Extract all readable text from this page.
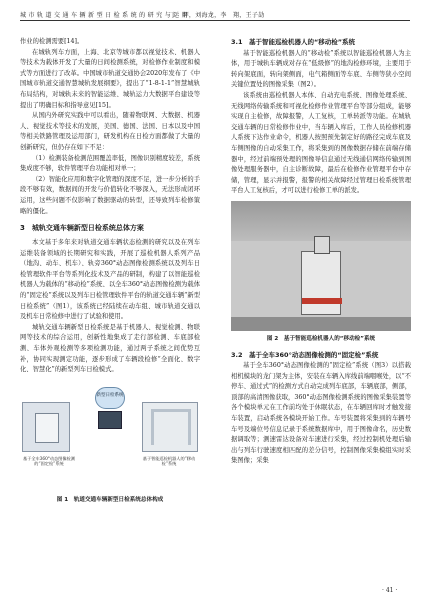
城 市 轨 道 交 通 车 辆 新 型 日 检 系 统 的 研 究 与 运 用
丁　辉，刘海龙，李　翔，王子劼

作业的检测需要[14]。

在城轨列车方面，上海、北京等城市都以视觉技术、机器人等技术为载体开发了大量的日间检测系统，对检修作业制度和模式等方面进行了改革。中国城市轨道交通协会2020年发布了《中国城市轨道交通智慧城轨发展纲要》，提出了“1-8-1-1”智慧城轨布局结构，对城轨未来的智能运维、城轨运力大数据平台建设等提出了明确目标和指导意见[15]。

从国内外研究实践中可以看出，随着物联网、大数据、机器人、视觉技术等技术的发展，美国、德国、法国、日本以及中国等相关铁路管理及运用部门，研发机构在日检方面都做了大量的创新研究，但仍存在如下不足：

（1）检测装备检测范围覆盖率低，图像识别精度较差，系统集成度不够，软件管理平台功能相对单一；

（2）智能化应用和数字化管理的深度不足，进一步分析的手段不够有效，数据间的开发与价值转化不够深入，无法形成闭环运用，这些问题不仅影响了数据驱动的转型，还导致列车检修策略的僵化。

3　城轨交通车辆新型日检系统总体方案

本文基于多年来对轨道交通车辆状态检测的研究以及在列车运维装备领域的长期研究和实践，开展了巡检机器人系列产品（地沟、动车、机车）、轨旁360°动态图像检测系统以及列车日检管理软件平台等系列化技术及产品的研制，构建了以智能巡检机器人为载体的“移动检”系统、以全车360°动态图像检测为载体的“固定检”系统以及列车日检管理软件平台的轨道交通车辆“新型日检系统”（图1），该系统已经陆续在动车组、城市轨道交通以及机车日常检修中进行了试验和使用。

城轨交通车辆新型日检系统是基于机器人、视觉检测、物联网等技术的综合运用，创新性地集成了走行部检测、车底部检测、车体外观检测等多项检测功能，通过两子系统之间优势互补，协同实现测定功能，逐步形成了车辆段检修“全面化、数字化、智慧化”的新型列车日检模式。

新型日检系统
基于全车360°动态图像检测的“固定检”系统
基于智能巡检机器人的“移动检”系统
图 1　轨道交通车辆新型日检系统总体构成
3.1　基于智能巡检机器人的“移动检”系统

基于智能巡检机器人的“移动检”系统以智能巡检机器人为主体，用于城轨车辆成对存在“低级修”的地沟检修环境，主要用于转向架底面，转向架侧面，电气箱侧面等车底、车侧等狭小空间关键位置处的图像采集（图2）。

该系统由巡检机器人本体、自动充电系统、图像处理系统、无线网络传输系统和可视化检修作业管理平台等部分组成，能够实现自主检修，故障报警，人工复核，工单转派等功能。在城轨交通车辆的日常检修作业中，当车辆入库后，工作人员检修机器人系统下达作业命令，机器人按照预先制定好的路径完成车底及车侧图像的自动采集工作，将采集到的图像数据存储在前端存储器中，经过前端预处理的图像导信息通过无线通信网络传输到图像处理服务器中，自主诊断故障，最后在检修作业管理平台中存储，管理，显示并报警，报警的相关故障经过管理日检系统管理平台人工复核后，才可以进行检修工单的派发。

图 2　基于智能巡检机器人的“移动检”系统
3.2　基于全车360°动态图像检测的“固定检”系统

基于全车360°动态图像检测的“固定检”系统（图3）以搭载相机模块的龙门架为主体，安装在车辆入库线前端咽喉处，以“不停车、通过式”的检测方式自动完成列车底部，车辆底部，侧部，顶部的高清图像获取，360°动态图像检测系统的图像采集装置等各个模块单元在工作前均处于休眠状态，在车辆回库时才触发接车装置，启动系统各模块开始工作。车号装置将采集到的车辆号车号及端位号信息记录于系统数据库中，用于图像命名，历史数据调取等；测速雷达设备对车速进行采集，经过控制机处理后输出与列车行驶速度相匹配的差分信号，控制图像采集模组实时采集图像；采集

· 41 ·
